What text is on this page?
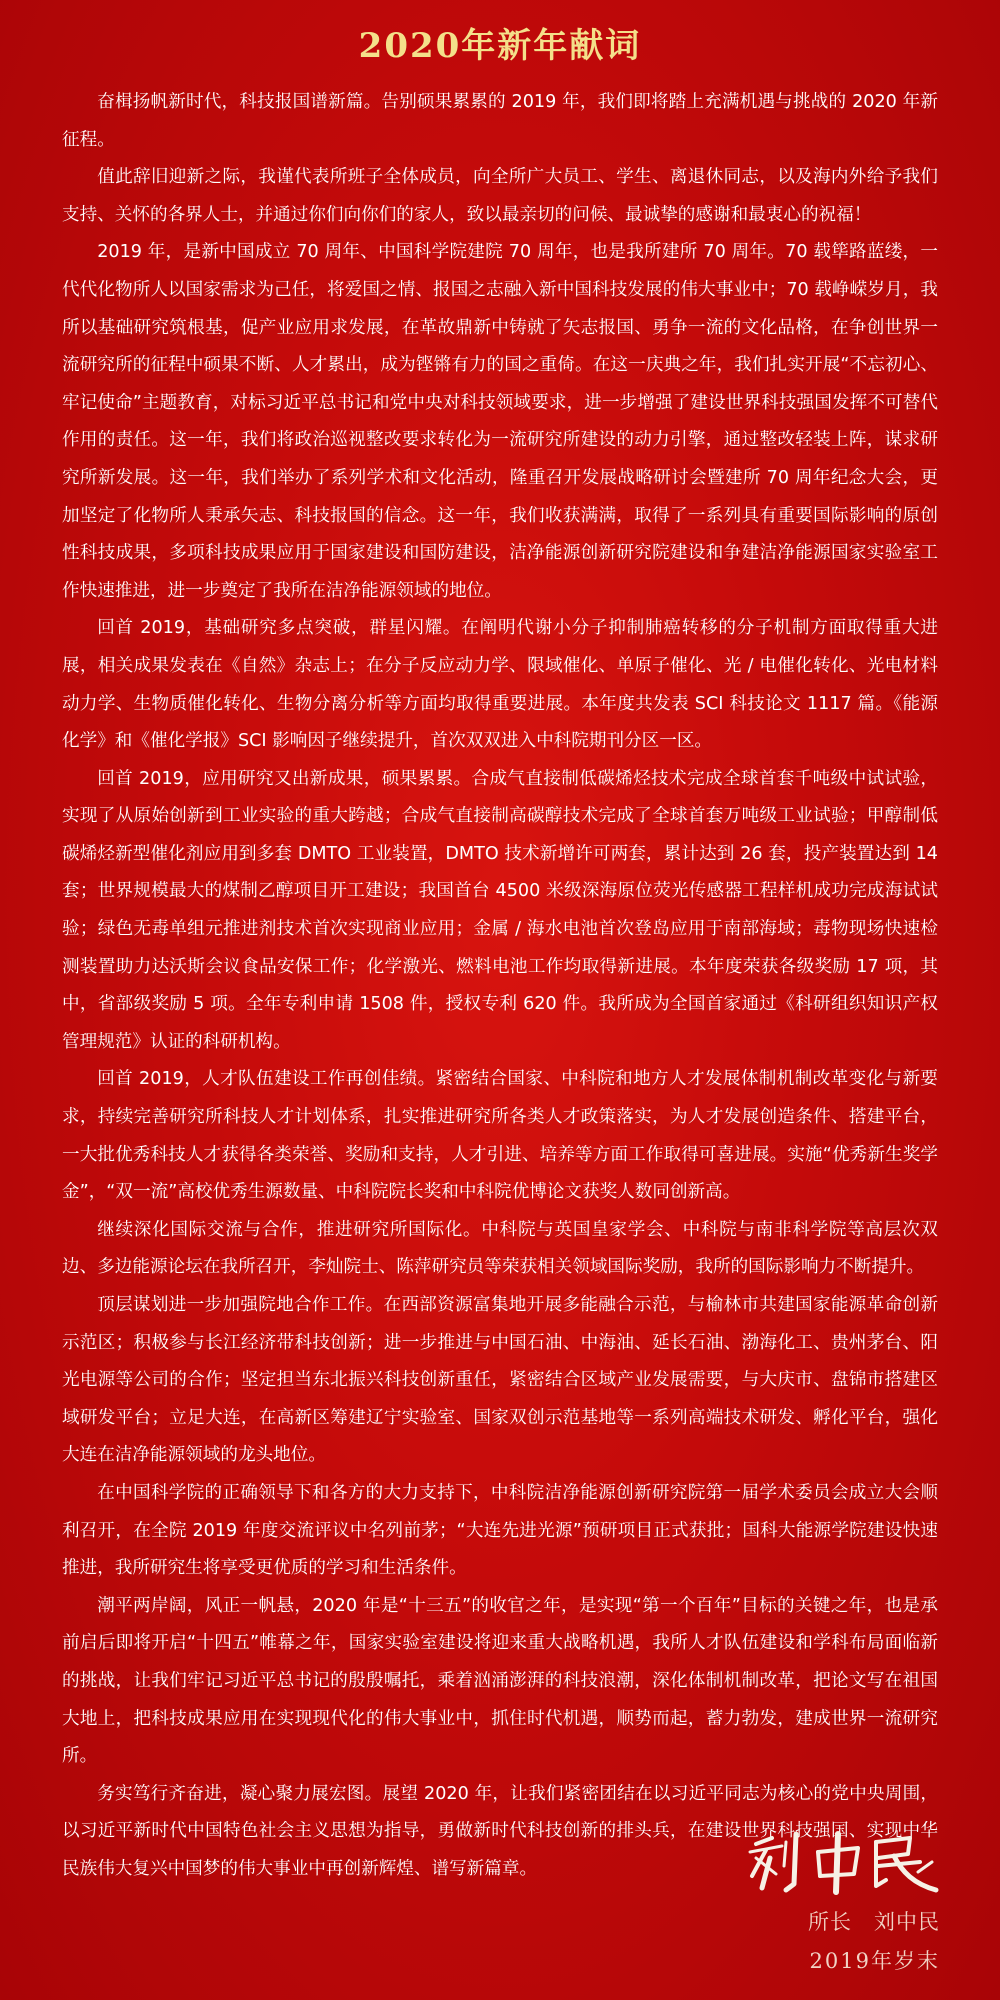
2020年新年献词

奋楫扬帆新时代，科技报国谱新篇。告别硕果累累的 2019 年，我们即将踏上充满机遇与挑战的 2020 年新征程。

值此辞旧迎新之际，我谨代表所班子全体成员，向全所广大员工、学生、离退休同志，以及海内外给予我们支持、关怀的各界人士，并通过你们向你们的家人，致以最亲切的问候、最诚挚的感谢和最衷心的祝福！

2019 年，是新中国成立 70 周年、中国科学院建院 70 周年，也是我所建所 70 周年。70 载筚路蓝缕，一代代化物所人以国家需求为己任，将爱国之情、报国之志融入新中国科技发展的伟大事业中；70 载峥嵘岁月，我所以基础研究筑根基，促产业应用求发展，在革故鼎新中铸就了矢志报国、勇争一流的文化品格，在争创世界一流研究所的征程中硕果不断、人才累出，成为铿锵有力的国之重倚。在这一庆典之年，我们扎实开展“不忘初心、牢记使命”主题教育，对标习近平总书记和党中央对科技领域要求，进一步增强了建设世界科技强国发挥不可替代作用的责任。这一年，我们将政治巡视整改要求转化为一流研究所建设的动力引擎，通过整改轻装上阵，谋求研究所新发展。这一年，我们举办了系列学术和文化活动，隆重召开发展战略研讨会暨建所 70 周年纪念大会，更加坚定了化物所人秉承矢志、科技报国的信念。这一年，我们收获满满，取得了一系列具有重要国际影响的原创性科技成果，多项科技成果应用于国家建设和国防建设，洁净能源创新研究院建设和争建洁净能源国家实验室工作快速推进，进一步奠定了我所在洁净能源领域的地位。

回首 2019，基础研究多点突破，群星闪耀。在阐明代谢小分子抑制肺癌转移的分子机制方面取得重大进展，相关成果发表在《自然》杂志上；在分子反应动力学、限域催化、单原子催化、光 / 电催化转化、光电材料动力学、生物质催化转化、生物分离分析等方面均取得重要进展。本年度共发表 SCI 科技论文 1117 篇。《能源化学》和《催化学报》SCI 影响因子继续提升，首次双双进入中科院期刊分区一区。

回首 2019，应用研究又出新成果，硕果累累。合成气直接制低碳烯烃技术完成全球首套千吨级中试试验，实现了从原始创新到工业实验的重大跨越；合成气直接制高碳醇技术完成了全球首套万吨级工业试验；甲醇制低碳烯烃新型催化剂应用到多套 DMTO 工业装置，DMTO 技术新增许可两套，累计达到 26 套，投产装置达到 14 套；世界规模最大的煤制乙醇项目开工建设；我国首台 4500 米级深海原位荧光传感器工程样机成功完成海试试验；绿色无毒单组元推进剂技术首次实现商业应用；金属 / 海水电池首次登岛应用于南部海域；毒物现场快速检测装置助力达沃斯会议食品安保工作；化学激光、燃料电池工作均取得新进展。本年度荣获各级奖励 17 项，其中，省部级奖励 5 项。全年专利申请 1508 件，授权专利 620 件。我所成为全国首家通过《科研组织知识产权管理规范》认证的科研机构。

回首 2019，人才队伍建设工作再创佳绩。紧密结合国家、中科院和地方人才发展体制机制改革变化与新要求，持续完善研究所科技人才计划体系，扎实推进研究所各类人才政策落实，为人才发展创造条件、搭建平台，一大批优秀科技人才获得各类荣誉、奖励和支持，人才引进、培养等方面工作取得可喜进展。实施“优秀新生奖学金”，“双一流”高校优秀生源数量、中科院院长奖和中科院优博论文获奖人数同创新高。

继续深化国际交流与合作，推进研究所国际化。中科院与英国皇家学会、中科院与南非科学院等高层次双边、多边能源论坛在我所召开，李灿院士、陈萍研究员等荣获相关领域国际奖励，我所的国际影响力不断提升。

顶层谋划进一步加强院地合作工作。在西部资源富集地开展多能融合示范，与榆林市共建国家能源革命创新示范区；积极参与长江经济带科技创新；进一步推进与中国石油、中海油、延长石油、渤海化工、贵州茅台、阳光电源等公司的合作；坚定担当东北振兴科技创新重任，紧密结合区域产业发展需要，与大庆市、盘锦市搭建区域研发平台；立足大连，在高新区筹建辽宁实验室、国家双创示范基地等一系列高端技术研发、孵化平台，强化大连在洁净能源领域的龙头地位。

在中国科学院的正确领导下和各方的大力支持下，中科院洁净能源创新研究院第一届学术委员会成立大会顺利召开，在全院 2019 年度交流评议中名列前茅；“大连先进光源”预研项目正式获批；国科大能源学院建设快速推进，我所研究生将享受更优质的学习和生活条件。

潮平两岸阔，风正一帆悬，2020 年是“十三五”的收官之年，是实现“第一个百年”目标的关键之年，也是承前启后即将开启“十四五”帷幕之年，国家实验室建设将迎来重大战略机遇，我所人才队伍建设和学科布局面临新的挑战，让我们牢记习近平总书记的殷殷嘱托，乘着汹涌澎湃的科技浪潮，深化体制机制改革，把论文写在祖国大地上，把科技成果应用在实现现代化的伟大事业中，抓住时代机遇，顺势而起，蓄力勃发，建成世界一流研究所。

务实笃行齐奋进，凝心聚力展宏图。展望 2020 年，让我们紧密团结在以习近平同志为核心的党中央周围，以习近平新时代中国特色社会主义思想为指导，勇做新时代科技创新的排头兵，在建设世界科技强国、实现中华民族伟大复兴中国梦的伟大事业中再创新辉煌、谱写新篇章。

所长　刘中民
2019年岁末
